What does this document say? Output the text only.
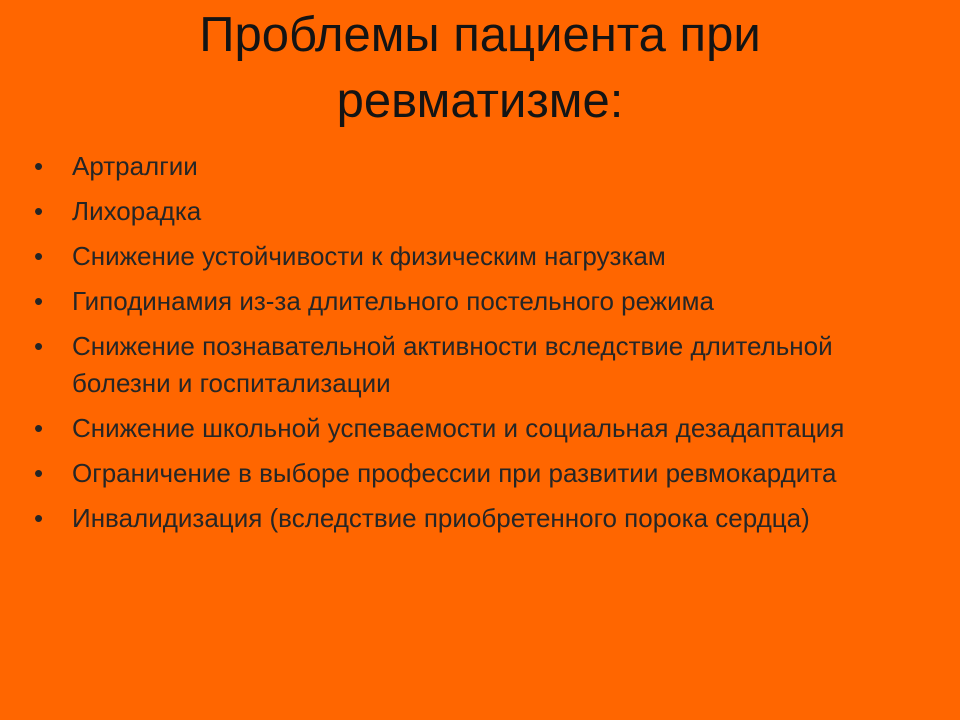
Проблемы пациента при
ревматизме:
•	Артралгии
•	Лихорадка
•	Снижение устойчивости к физическим нагрузкам
•	Гиподинамия из-за длительного постельного режима
•	Снижение познавательной активности вследствие длительной болезни и госпитализации
•	Снижение школьной успеваемости и социальная дезадаптация
•	Ограничение в выборе профессии при развитии ревмокардита
•	Инвалидизация (вследствие приобретенного порока сердца)
